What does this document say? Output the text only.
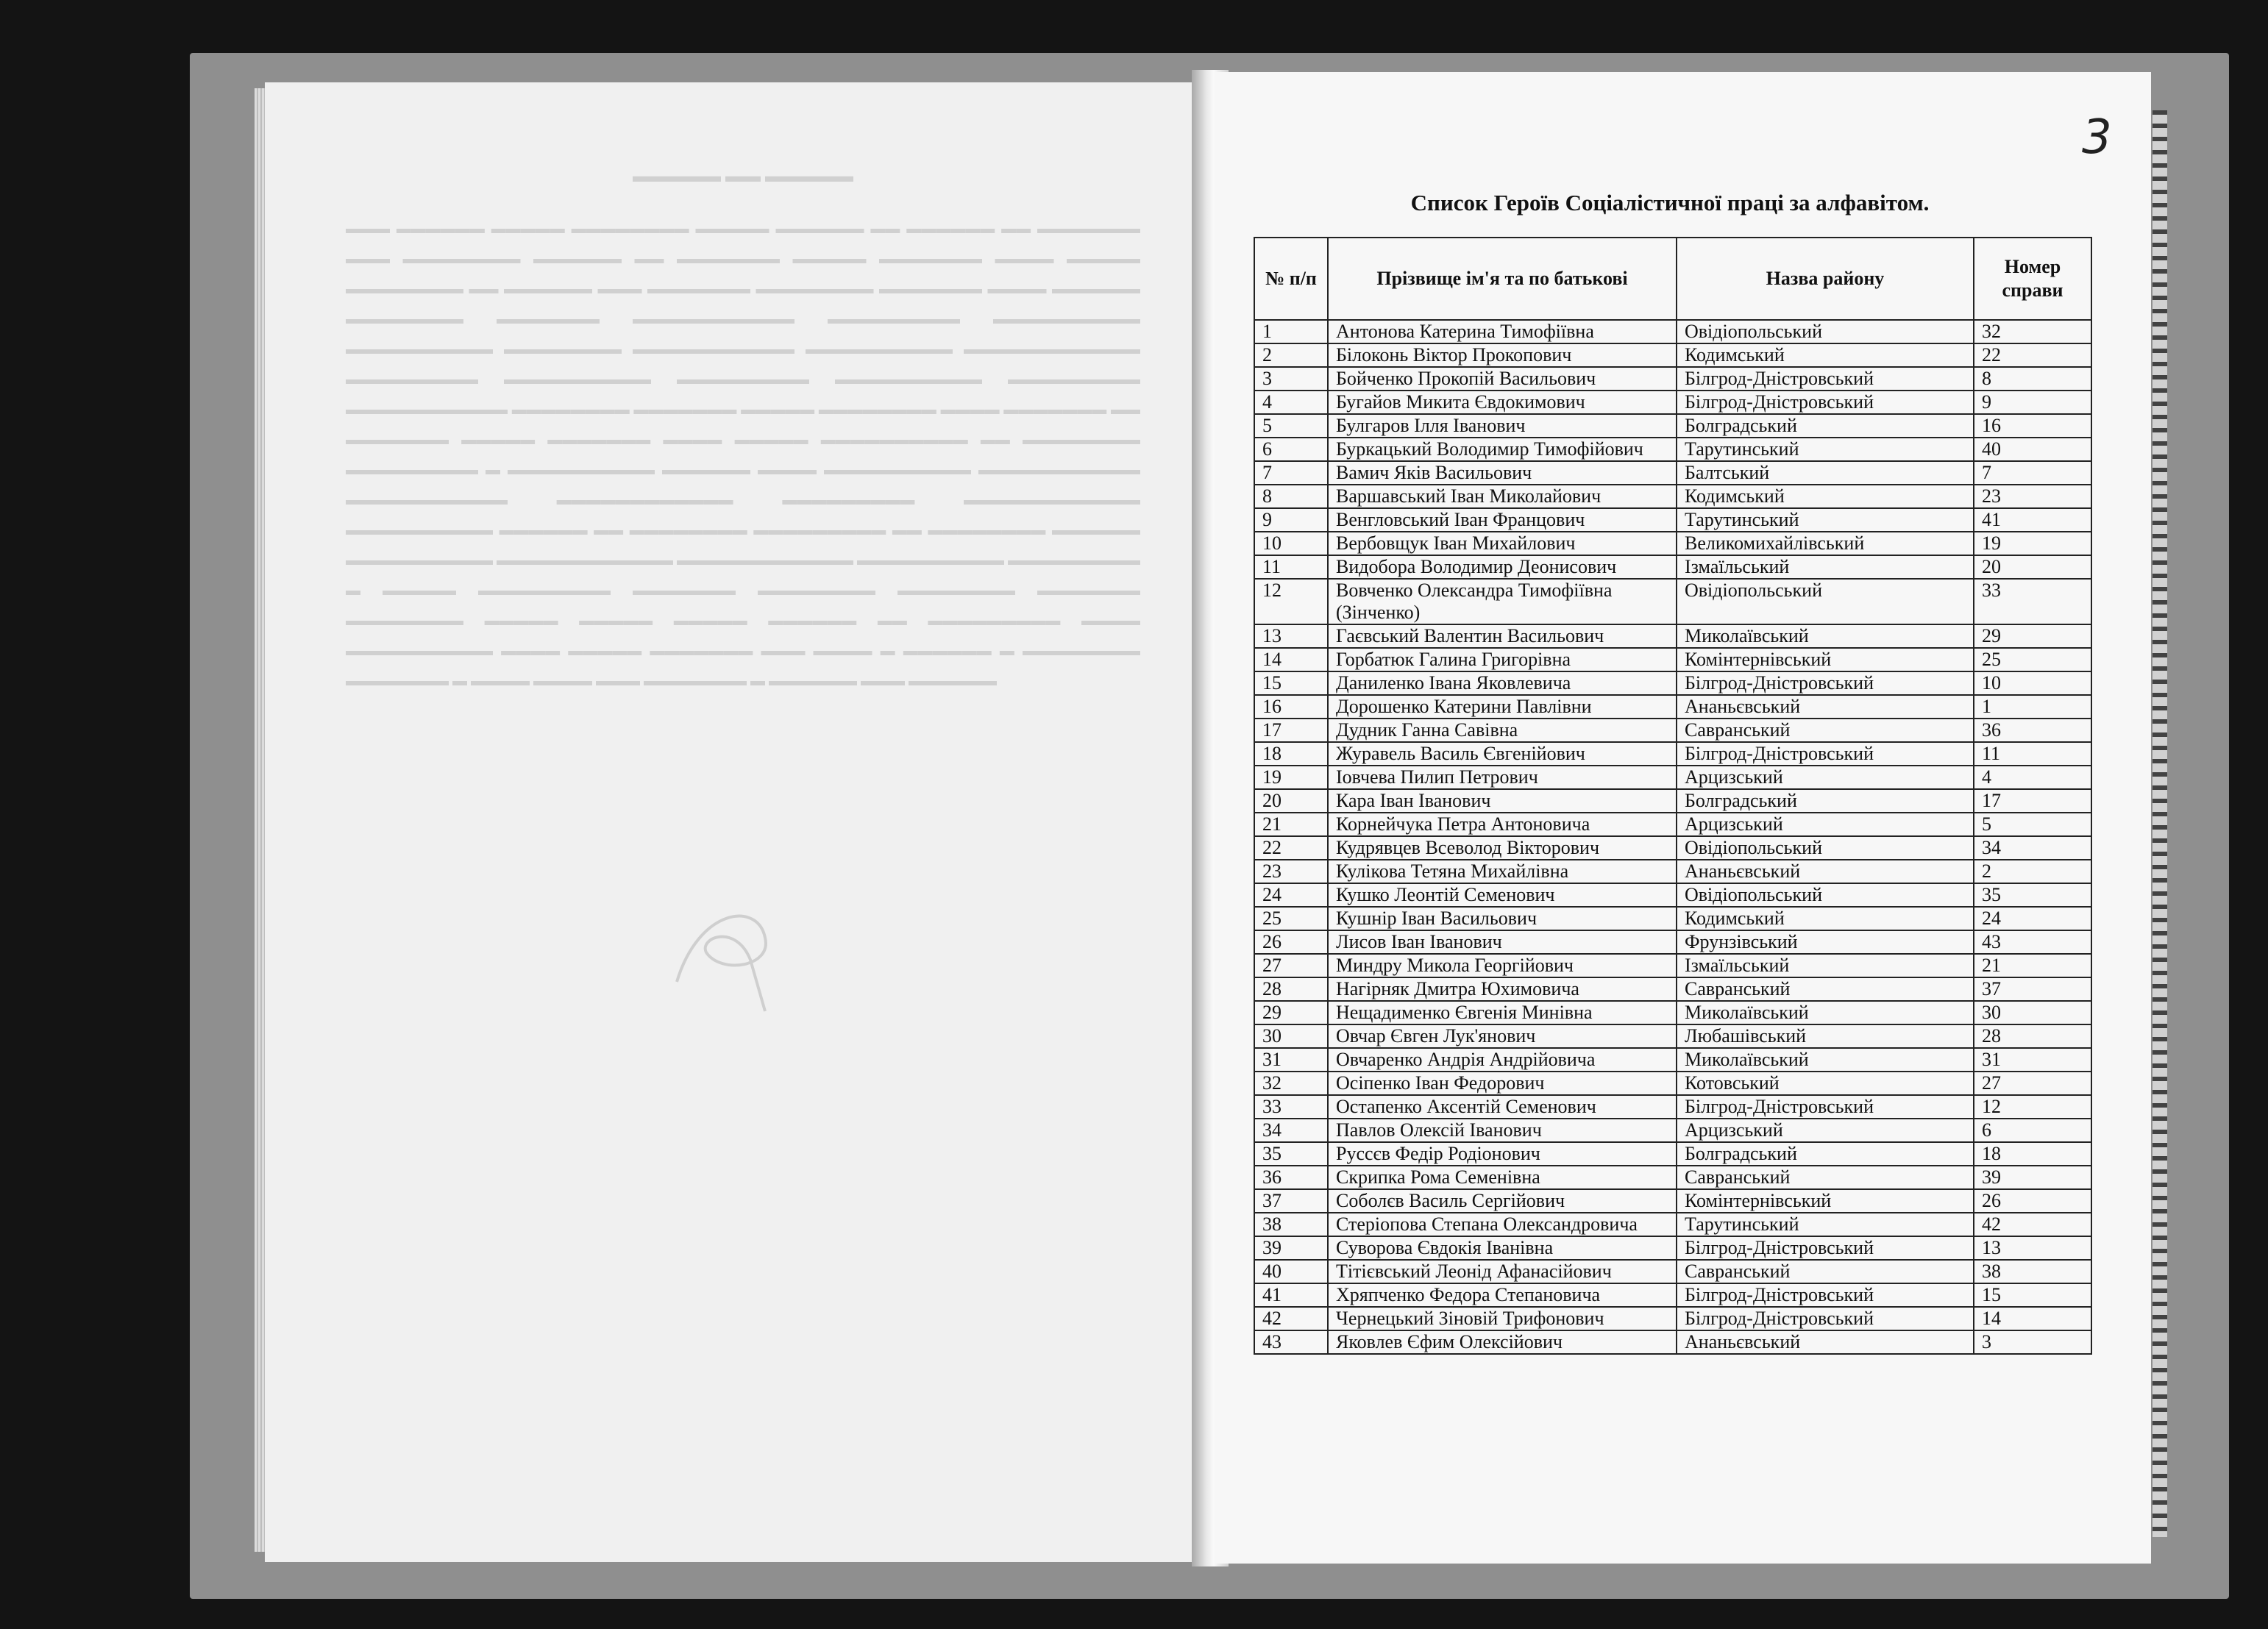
▬▬▬▬▬ ▬▬ ▬▬▬▬▬
▬▬▬ ▬▬▬▬▬▬ ▬▬▬▬▬ ▬▬▬▬▬▬▬▬ ▬▬▬▬▬ ▬▬▬▬▬▬ ▬▬ ▬▬▬▬▬▬ ▬▬ ▬▬▬▬▬▬▬ ▬▬▬ ▬▬▬▬▬▬▬▬ ▬▬▬▬▬▬ ▬▬ ▬▬▬▬▬▬▬ ▬▬▬▬▬ ▬▬▬▬▬▬▬ ▬▬▬▬ ▬▬▬▬▬ ▬▬▬▬▬▬▬▬ ▬▬ ▬▬▬▬▬▬ ▬▬▬ ▬▬▬▬▬▬▬ ▬▬▬▬▬▬▬▬ ▬▬▬▬▬▬▬ ▬▬▬▬ ▬▬▬▬▬▬ ▬▬▬▬▬▬▬▬ ▬▬▬▬▬▬▬ ▬▬▬▬▬▬▬▬▬▬▬ ▬▬▬▬▬▬▬▬▬ ▬▬▬▬▬▬▬▬▬▬ ▬▬▬▬▬▬▬▬▬▬ ▬▬▬▬▬▬▬▬ ▬▬▬▬▬▬▬▬▬▬▬ ▬▬▬▬▬▬▬▬▬▬ ▬▬▬▬▬▬▬▬▬▬▬▬ ▬▬▬▬▬▬▬▬▬ ▬▬▬▬▬▬▬▬▬▬ ▬▬▬▬▬▬▬▬▬ ▬▬▬▬▬▬▬▬▬▬ ▬▬▬▬▬▬▬▬▬ ▬▬▬▬▬▬▬▬▬▬▬ ▬▬▬▬▬▬▬▬ ▬▬▬▬▬▬▬ ▬▬▬▬▬ ▬▬▬▬▬▬▬▬ ▬▬▬▬ ▬▬▬▬▬▬▬ ▬▬ ▬▬▬▬▬▬▬ ▬▬▬▬▬ ▬▬▬▬▬▬▬ ▬▬▬▬ ▬▬▬▬▬ ▬▬▬▬▬▬▬▬▬▬ ▬▬ ▬▬▬▬▬▬▬▬ ▬▬▬▬▬▬▬▬▬ ▬ ▬▬▬▬▬▬▬▬▬▬ ▬▬▬▬▬▬ ▬▬▬▬ ▬▬▬▬▬▬▬▬▬▬ ▬▬▬▬▬▬▬▬▬▬▬ ▬▬▬▬▬▬▬▬▬▬▬ ▬▬▬▬▬▬▬▬▬▬▬▬ ▬▬▬▬▬▬▬▬▬ ▬▬▬▬▬▬▬▬▬▬▬▬ ▬▬▬▬▬▬▬▬▬▬ ▬▬▬▬▬▬ ▬▬ ▬▬▬▬▬▬▬▬ ▬▬▬▬▬▬▬▬▬ ▬▬ ▬▬▬▬▬▬▬▬ ▬▬▬▬▬▬ ▬▬▬▬▬▬▬▬▬▬ ▬▬▬▬▬▬▬▬▬▬▬▬ ▬▬▬▬▬▬▬▬▬▬▬▬ ▬▬▬▬▬▬▬▬▬▬ ▬▬▬▬▬▬▬▬▬ ▬ ▬▬▬▬▬ ▬▬▬▬▬▬▬▬▬ ▬▬▬▬▬▬▬ ▬▬▬▬▬▬▬▬ ▬▬▬▬▬▬▬▬ ▬▬▬▬▬▬▬ ▬▬▬▬▬▬▬▬ ▬▬▬▬▬ ▬▬▬▬▬ ▬▬▬▬▬ ▬▬▬▬▬▬ ▬▬ ▬▬▬▬▬▬▬▬▬ ▬▬▬▬ ▬▬▬▬▬▬▬▬▬▬ ▬▬▬▬ ▬▬▬▬▬ ▬▬▬▬▬▬▬ ▬▬▬ ▬▬▬▬ ▬ ▬▬▬▬▬▬ ▬ ▬▬▬▬▬▬▬▬ ▬▬▬▬▬▬▬ ▬ ▬▬▬▬ ▬▬▬▬ ▬▬▬ ▬▬▬▬▬▬▬ ▬ ▬▬▬▬▬▬ ▬▬▬ ▬▬▬▬▬▬
3
Список Героїв Соціалістичної праці за алфавітом.
№ п/п	Прізвище ім'я та по батькові	Назва району	Номер справи
1	Антонова Катерина Тимофіївна	Овідіопольський	32
2	Білоконь Віктор Прокопович	Кодимський	22
3	Бойченко Прокопій Васильович	Білгрод-Дністровський	8
4	Бугайов Микита Євдокимович	Білгрод-Дністровський	9
5	Булгаров Ілля Іванович	Болградський	16
6	Буркацький Володимир Тимофійович	Тарутинський	40
7	Вамич Яків Васильович	Балтський	7
8	Варшавський Іван Миколайович	Кодимський	23
9	Венгловський Іван Францович	Тарутинський	41
10	Вербовщук Іван Михайлович	Великомихайлівський	19
11	Видобора Володимир Деонисович	Ізмаїльський	20
12	Вовченко Олександра Тимофіївна (Зінченко)	Овідіопольський	33
13	Гаєвський Валентин Васильович	Миколаївський	29
14	Горбатюк Галина Григорівна	Комінтернівський	25
15	Даниленко Івана Яковлевича	Білгрод-Дністровський	10
16	Дорошенко Катерини Павлівни	Ананьєвський	1
17	Дудник Ганна Савівна	Савранський	36
18	Журавель Василь Євгенійович	Білгрод-Дністровський	11
19	Іовчева Пилип Петрович	Арцизський	4
20	Кара Іван Іванович	Болградський	17
21	Корнейчука Петра Антоновича	Арцизський	5
22	Кудрявцев Всеволод Вікторович	Овідіопольський	34
23	Кулікова Тетяна Михайлівна	Ананьєвський	2
24	Кушко Леонтій Семенович	Овідіопольський	35
25	Кушнір Іван Васильович	Кодимський	24
26	Лисов Іван Іванович	Фрунзівський	43
27	Миндру Микола Георгійович	Ізмаїльський	21
28	Нагірняк Дмитра Юхимовича	Савранський	37
29	Нещадименко Євгенія Минівна	Миколаївський	30
30	Овчар Євген Лук'янович	Любашівський	28
31	Овчаренко Андрія Андрійовича	Миколаївський	31
32	Осіпенко Іван Федорович	Котовський	27
33	Остапенко Аксентій Семенович	Білгрод-Дністровський	12
34	Павлов Олексій Іванович	Арцизський	6
35	Руссєв Федір Родіонович	Болградський	18
36	Скрипка Рома Семенівна	Савранський	39
37	Соболєв Василь Сергійович	Комінтернівський	26
38	Стеріопова Степана Олександровича	Тарутинський	42
39	Суворова Євдокія Іванівна	Білгрод-Дністровський	13
40	Тітієвський Леонід Афанасійович	Савранський	38
41	Хряпченко Федора Степановича	Білгрод-Дністровський	15
42	Чернецький Зіновій Трифонович	Білгрод-Дністровський	14
43	Яковлев Єфим Олексійович	Ананьєвський	3
